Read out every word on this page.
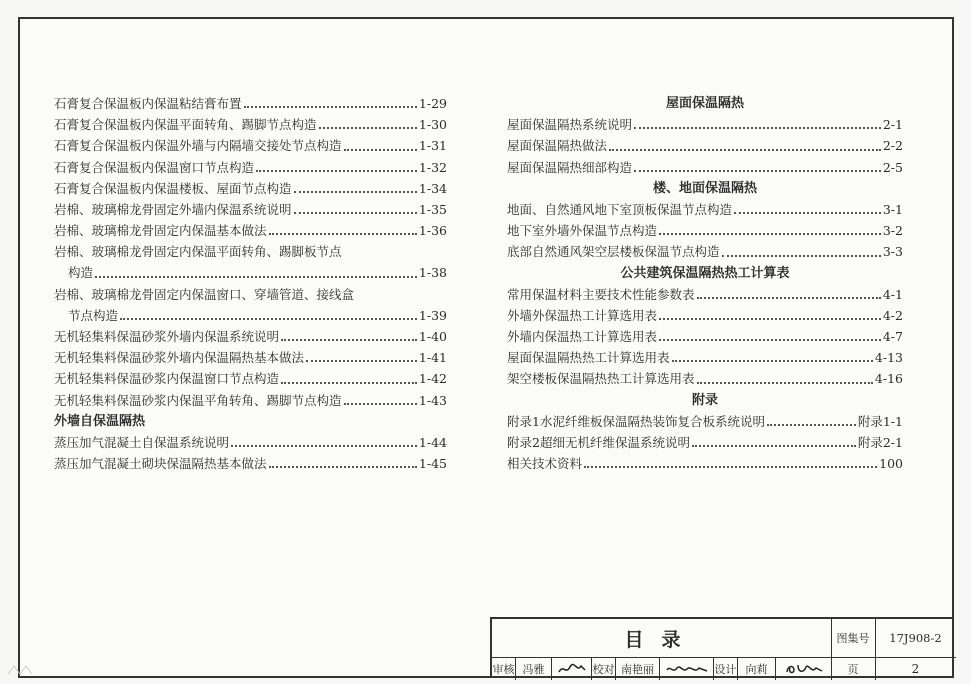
石膏复合保温板内保温粘结膏布置	1-29
石膏复合保温板内保温平面转角、踢脚节点构造	1-30
石膏复合保温板内保温外墙与内隔墙交接处节点构造	1-31
石膏复合保温板内保温窗口节点构造	1-32
石膏复合保温板内保温楼板、屋面节点构造	1-34
岩棉、玻璃棉龙骨固定外墙内保温系统说明	1-35
岩棉、玻璃棉龙骨固定内保温基本做法	1-36
岩棉、玻璃棉龙骨固定内保温平面转角、踢脚板节点
构造	1-38
岩棉、玻璃棉龙骨固定内保温窗口、穿墙管道、接线盒
节点构造	1-39
无机轻集料保温砂浆外墙内保温系统说明	1-40
无机轻集料保温砂浆外墙内保温隔热基本做法	1-41
无机轻集料保温砂浆内保温窗口节点构造	1-42
无机轻集料保温砂浆内保温平角转角、踢脚节点构造	1-43
外墙自保温隔热
蒸压加气混凝土自保温系统说明	1-44
蒸压加气混凝土砌块保温隔热基本做法	1-45
屋面保温隔热
屋面保温隔热系统说明	2-1
屋面保温隔热做法	2-2
屋面保温隔热细部构造	2-5
楼、地面保温隔热
地面、自然通风地下室顶板保温节点构造	3-1
地下室外墙外保温节点构造	3-2
底部自然通风架空层楼板保温节点构造	3-3
公共建筑保温隔热热工计算表
常用保温材料主要技术性能参数表	4-1
外墙外保温热工计算选用表	4-2
外墙内保温热工计算选用表	4-7
屋面保温隔热热工计算选用表	4-13
架空楼板保温隔热热工计算选用表	4-16
附录
附录1水泥纤维板保温隔热装饰复合板系统说明	附录1-1
附录2超细无机纤维保温系统说明	附录2-1
相关技术资料	100
目录	图集号	17J908-2
审核 冯雅	校对 南艳丽	设计 向莉	页	2
